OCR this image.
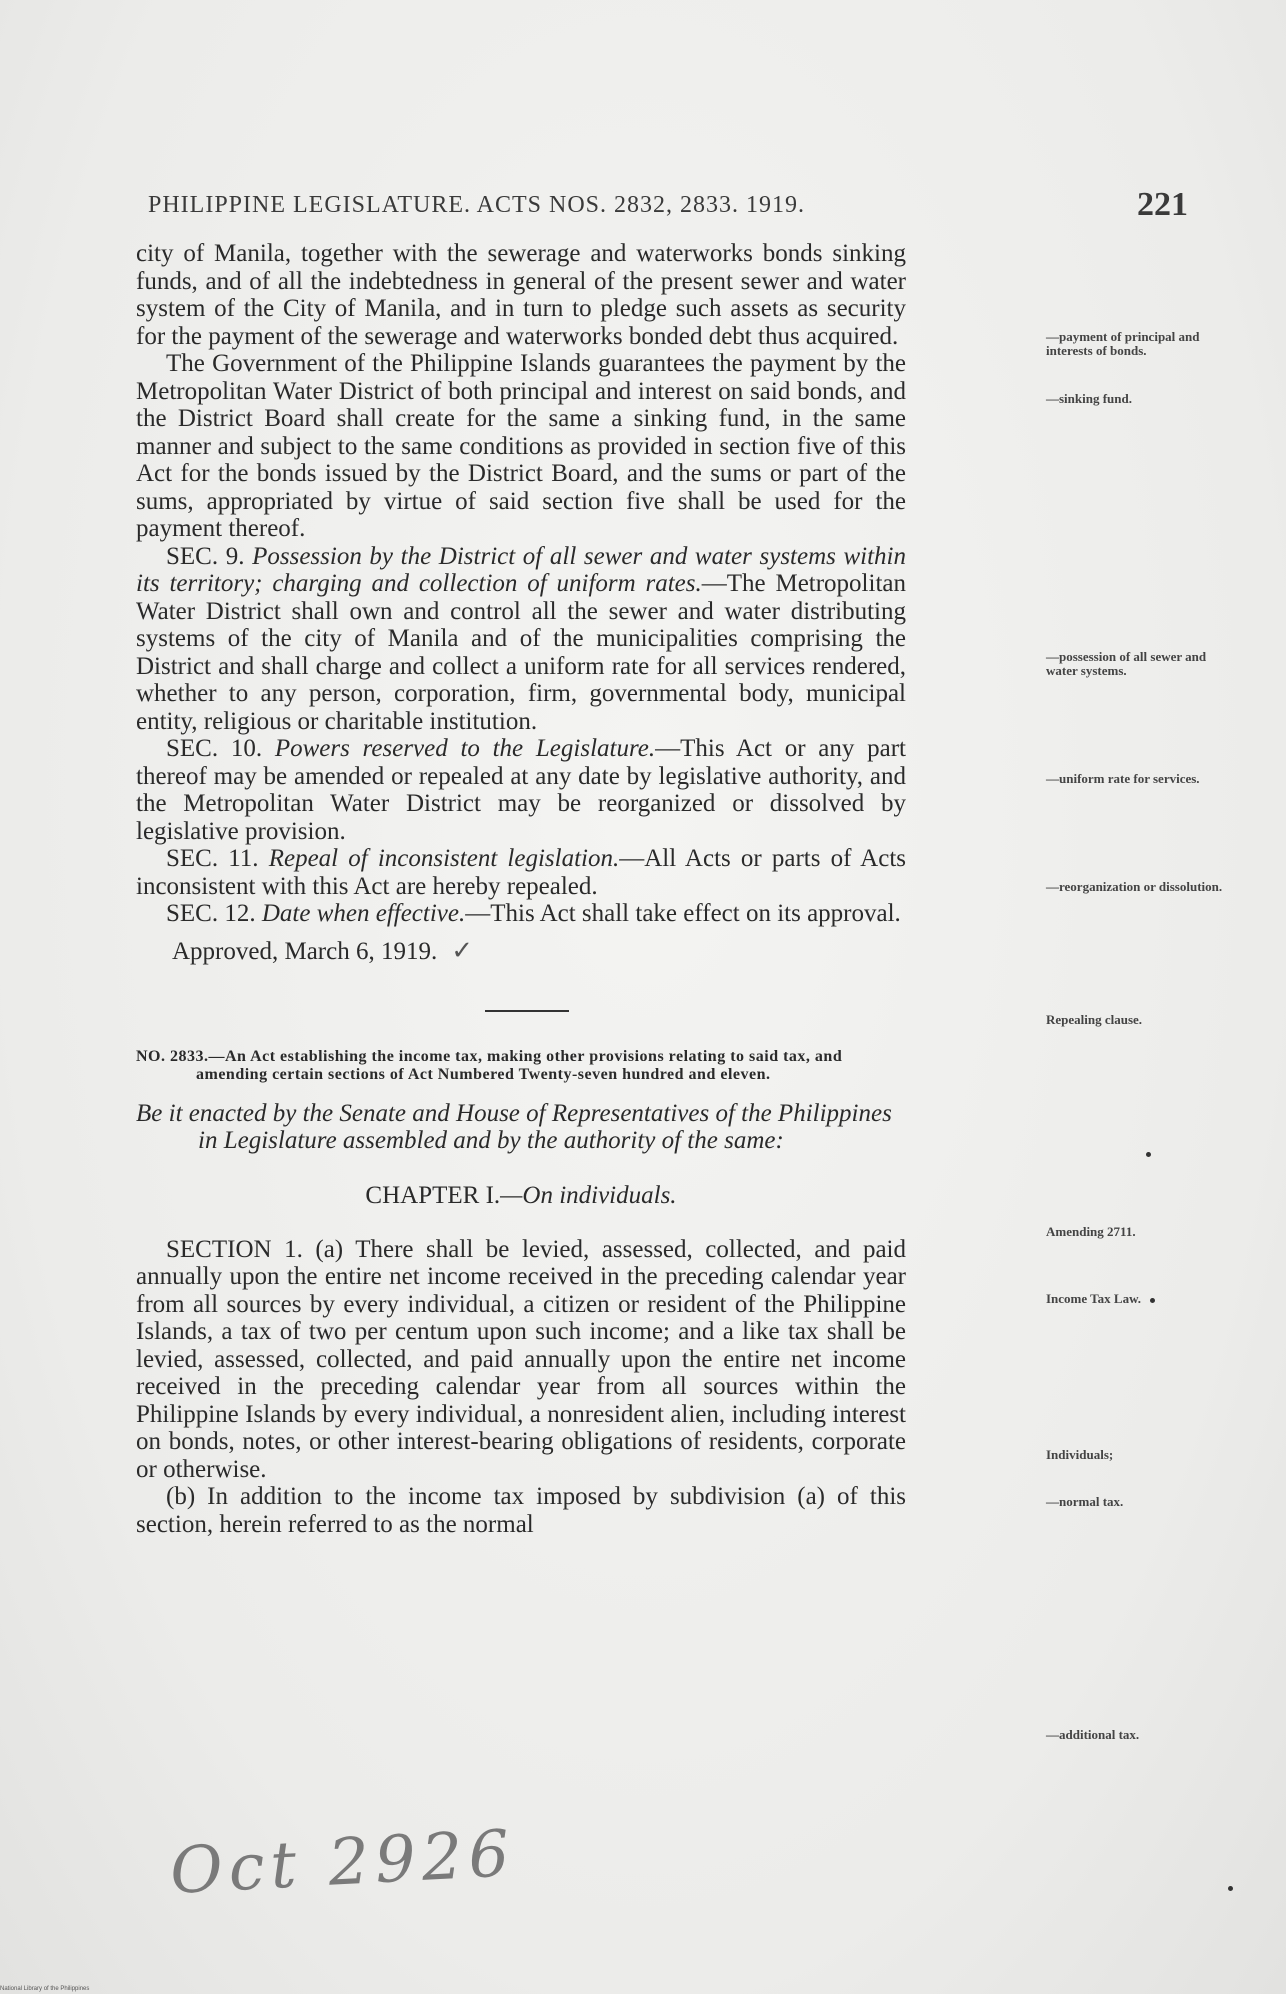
PHILIPPINE LEGISLATURE. ACTS NOS. 2832, 2833. 1919.	221
—payment of principal and interests of bonds.
—sinking fund.
—possession of all sewer and water systems.
—uniform rate for services.
—reorganization or dissolution.
Repealing clause.
Amending 2711.
Income Tax Law.
Individuals;
—normal tax.
—additional tax.

city of Manila, together with the sewerage and waterworks bonds sinking funds, and of all the indebtedness in general of the present sewer and water system of the City of Manila, and in turn to pledge such assets as security for the payment of the sewerage and waterworks bonded debt thus acquired.

The Government of the Philippine Islands guarantees the payment by the Metropolitan Water District of both principal and interest on said bonds, and the District Board shall create for the same a sinking fund, in the same manner and subject to the same conditions as provided in section five of this Act for the bonds issued by the District Board, and the sums or part of the sums, appropriated by virtue of said section five shall be used for the payment thereof.

SEC. 9. Possession by the District of all sewer and water systems within its territory; charging and collection of uniform rates.—The Metropolitan Water District shall own and control all the sewer and water distributing systems of the city of Manila and of the municipalities comprising the District and shall charge and collect a uniform rate for all services rendered, whether to any person, corporation, firm, governmental body, municipal entity, religious or charitable institution.

SEC. 10. Powers reserved to the Legislature.—This Act or any part thereof may be amended or repealed at any date by legislative authority, and the Metropolitan Water District may be reorganized or dissolved by legislative provision.

SEC. 11. Repeal of inconsistent legislation.—All Acts or parts of Acts inconsistent with this Act are hereby repealed.

SEC. 12. Date when effective.—This Act shall take effect on its approval.

Approved, March 6, 1919. ✓
NO. 2833.—An Act establishing the income tax, making other provisions relating to said tax, and amending certain sections of Act Numbered Twenty-seven hundred and eleven.
Be it enacted by the Senate and House of Representatives of the Philippines in Legislature assembled and by the authority of the same:
CHAPTER I.—On individuals.

SECTION 1. (a) There shall be levied, assessed, collected, and paid annually upon the entire net income received in the preceding calendar year from all sources by every individual, a citizen or resident of the Philippine Islands, a tax of two per centum upon such income; and a like tax shall be levied, assessed, collected, and paid annually upon the entire net income received in the preceding calendar year from all sources within the Philippine Islands by every individual, a nonresident alien, including interest on bonds, notes, or other interest-bearing obligations of residents, corporate or otherwise.

(b) In addition to the income tax imposed by subdivision (a) of this section, herein referred to as the normal

Oct 2926
National Library of the Philippines
